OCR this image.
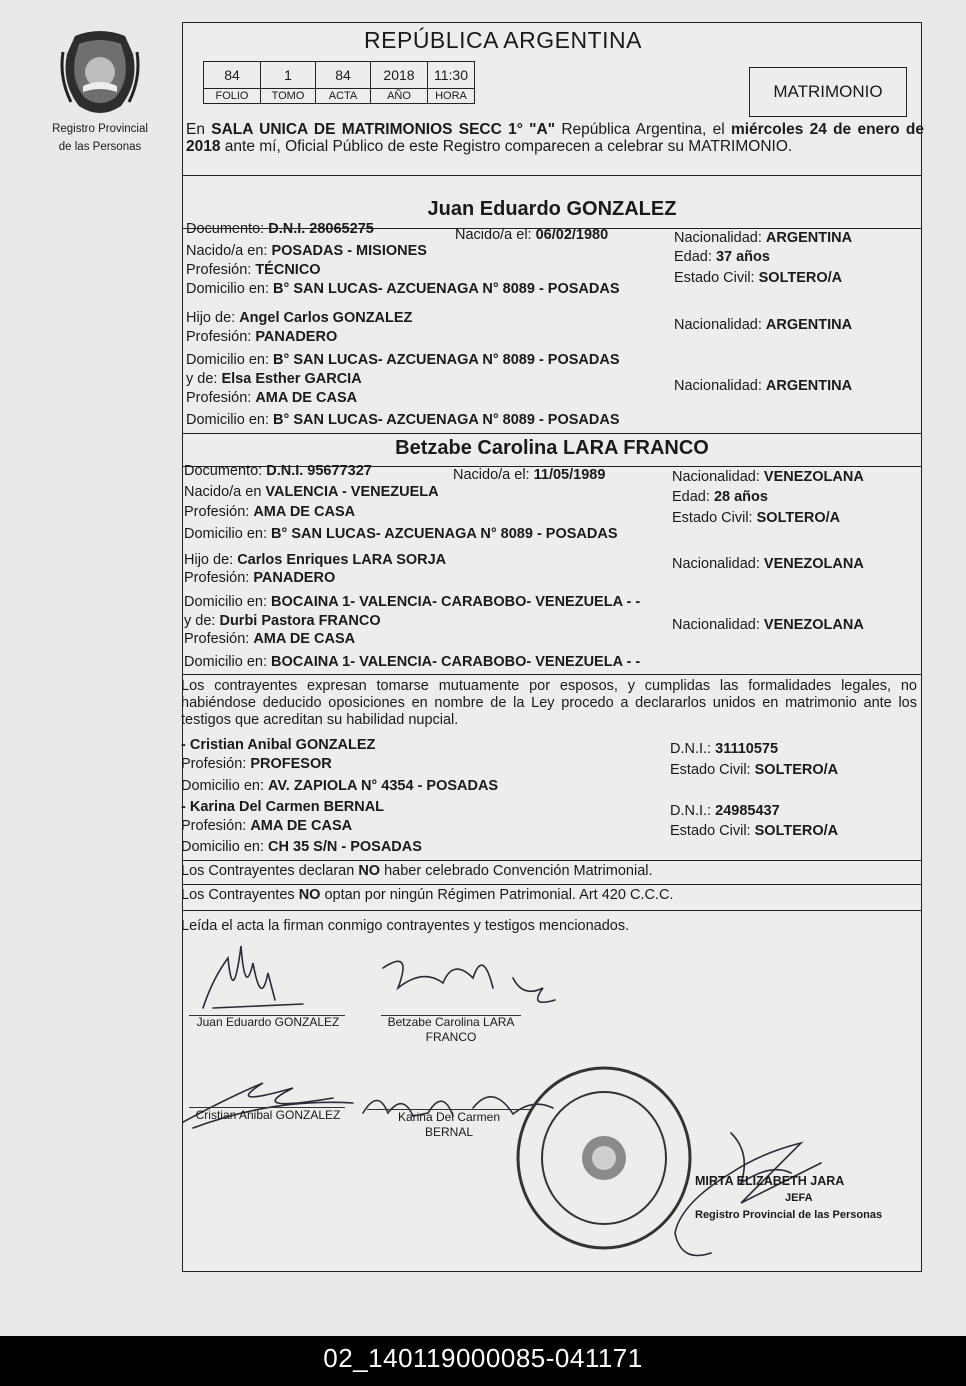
Registro Provincial
de las Personas
REPÚBLICA ARGENTINA
84	1	84	2018	11:30
FOLIO	TOMO	ACTA	AÑO	HORA	MATRIMONIO
En SALA UNICA DE MATRIMONIOS SECC 1° "A" República Argentina, el miércoles 24 de enero de 2018 ante mí, Oficial Público de este Registro comparecen a celebrar su MATRIMONIO.
Juan Eduardo GONZALEZ
Documento: D.N.I. 28065275	Nacido/a el: 06/02/1980	Nacionalidad: ARGENTINA
Nacido/a en: POSADAS - MISIONES	Edad: 37 años
Profesión: TÉCNICO	Estado Civil: SOLTERO/A
Domicilio en: B° SAN LUCAS- AZCUENAGA N° 8089 - POSADAS
Hijo de: Angel Carlos GONZALEZ	Nacionalidad: ARGENTINA
Profesión: PANADERO
Domicilio en: B° SAN LUCAS- AZCUENAGA N° 8089 - POSADAS
y de: Elsa Esther GARCIA	Nacionalidad: ARGENTINA
Profesión: AMA DE CASA
Domicilio en: B° SAN LUCAS- AZCUENAGA N° 8089 - POSADAS
Betzabe Carolina LARA FRANCO
Documento: D.N.I. 95677327	Nacido/a el: 11/05/1989	Nacionalidad: VENEZOLANA
Nacido/a en VALENCIA - VENEZUELA	Edad: 28 años
Profesión: AMA DE CASA	Estado Civil: SOLTERO/A
Domicilio en: B° SAN LUCAS- AZCUENAGA N° 8089 - POSADAS
Hijo de: Carlos Enriques LARA SORJA	Nacionalidad: VENEZOLANA
Profesión: PANADERO
Domicilio en: BOCAINA 1- VALENCIA- CARABOBO- VENEZUELA - -
y de: Durbi Pastora FRANCO	Nacionalidad: VENEZOLANA
Profesión: AMA DE CASA
Domicilio en: BOCAINA 1- VALENCIA- CARABOBO- VENEZUELA - -
Los contrayentes expresan tomarse mutuamente por esposos, y cumplidas las formalidades legales, no habiéndose deducido oposiciones en nombre de la Ley procedo a declararlos unidos en matrimonio ante los testigos que acreditan su habilidad nupcial.
- Cristian Anibal GONZALEZ	D.N.I.: 31110575
Profesión: PROFESOR	Estado Civil: SOLTERO/A
Domicilio en: AV. ZAPIOLA N° 4354 - POSADAS
- Karina Del Carmen BERNAL	D.N.I.: 24985437
Profesión: AMA DE CASA	Estado Civil: SOLTERO/A
Domicilio en: CH 35 S/N - POSADAS
Los Contrayentes declaran NO haber celebrado Convención Matrimonial.
Los Contrayentes NO optan por ningún Régimen Patrimonial. Art 420 C.C.C.
Leída el acta la firman conmigo contrayentes y testigos mencionados.
Juan Eduardo GONZALEZ	Betzabe Carolina LARA
FRANCO
Cristian Anibal GONZALEZ	Karina Del Carmen
BERNAL
MIRTA ELIZABETH JARA
JEFA
Registro Provincial de las Personas
02_140119000085-041171
